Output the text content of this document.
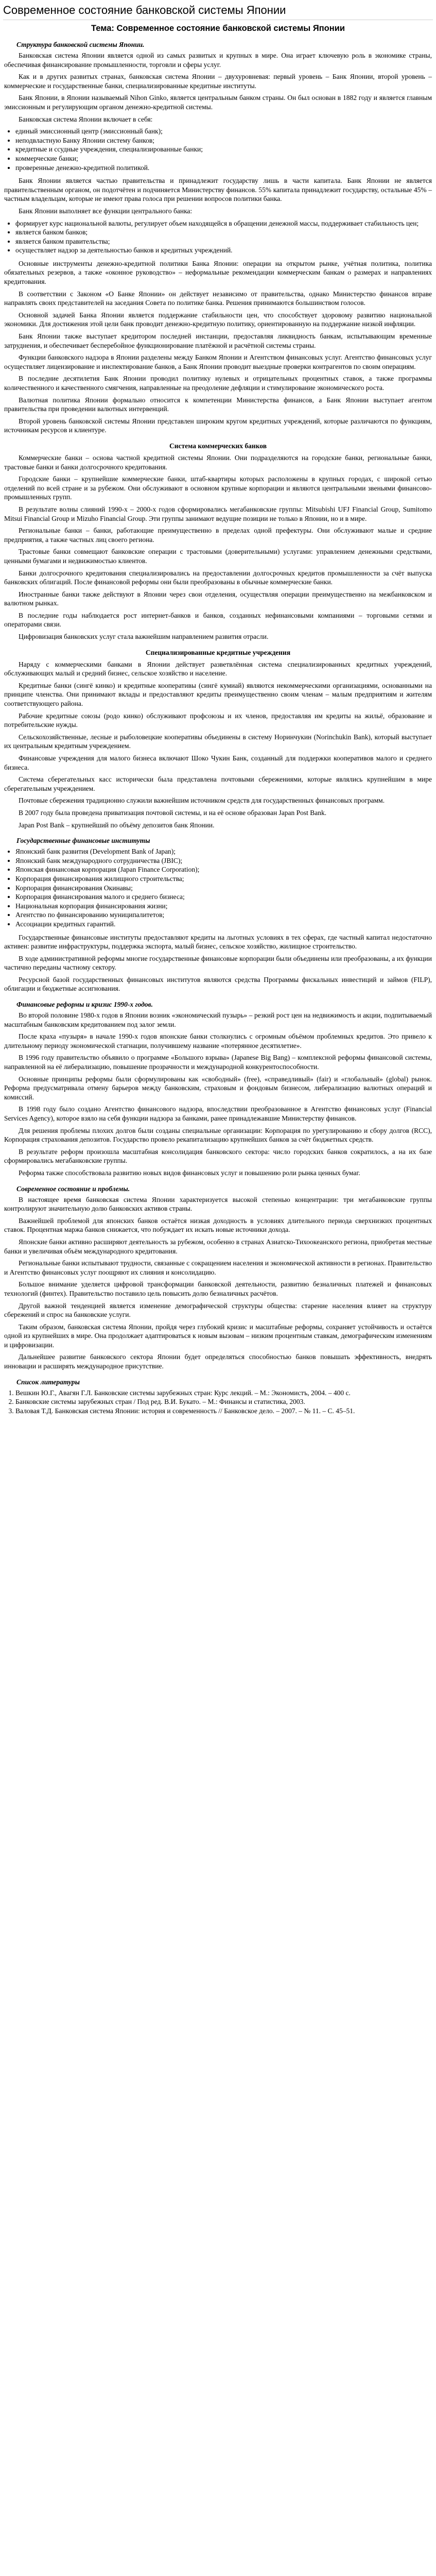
Современное состояние банковской системы Японии
Тема: Современное состояние банковской системы Японии
Структура банковской системы Японии.

Банковская система Японии является одной из самых развитых и крупных в мире. Она играет ключевую роль в экономике страны, обеспечивая финансирование промышленности, торговли и сферы услуг.

Как и в других развитых странах, банковская система Японии – двухуровневая: первый уровень – Банк Японии, второй уровень – коммерческие и государственные банки, специализированные кредитные институты.

Банк Японии, в Японии называемый Nihon Ginko, является центральным банком страны. Он был основан в 1882 году и является главным эмиссионным и регулирующим органом денежно-кредитной системы.

Банковская система Японии включает в себя:

• единый эмиссионный центр (эмиссионный банк);
• неподвластную Банку Японии систему банков;
• кредитные и ссудные учреждения, специализированные банки;
• коммерческие банки;
• проверенные денежно-кредитной политикой.

Банк Японии является частью правительства и принадлежит государству лишь в части капитала. Банк Японии не является правительственным органом, он подотчётен и подчиняется Министерству финансов. 55% капитала принадлежит государству, остальные 45% – частным владельцам, которые не имеют права голоса при решении вопросов политики банка.

Банк Японии выполняет все функции центрального банка:

• формирует курс национальной валюты, регулирует объем находящейся в обращении денежной массы, поддерживает стабильность цен;
• является банком банков;
• является банком правительства;
• осуществляет надзор за деятельностью банков и кредитных учреждений.

Основные инструменты денежно-кредитной политики Банка Японии: операции на открытом рынке, учётная политика, политика обязательных резервов, а также «оконное руководство» – неформальные рекомендации коммерческим банкам о размерах и направлениях кредитования.

В соответствии с Законом «О Банке Японии» он действует независимо от правительства, однако Министерство финансов вправе направлять своих представителей на заседания Совета по политике банка. Решения принимаются большинством голосов.

Основной задачей Банка Японии является поддержание стабильности цен, что способствует здоровому развитию национальной экономики. Для достижения этой цели банк проводит денежно-кредитную политику, ориентированную на поддержание низкой инфляции.

Банк Японии также выступает кредитором последней инстанции, предоставляя ликвидность банкам, испытывающим временные затруднения, и обеспечивает бесперебойное функционирование платёжной и расчётной системы страны.

Функции банковского надзора в Японии разделены между Банком Японии и Агентством финансовых услуг. Агентство финансовых услуг осуществляет лицензирование и инспектирование банков, а Банк Японии проводит выездные проверки контрагентов по своим операциям.

В последние десятилетия Банк Японии проводил политику нулевых и отрицательных процентных ставок, а также программы количественного и качественного смягчения, направленные на преодоление дефляции и стимулирование экономического роста.

Валютная политика Японии формально относится к компетенции Министерства финансов, а Банк Японии выступает агентом правительства при проведении валютных интервенций.

Второй уровень банковской системы Японии представлен широким кругом кредитных учреждений, которые различаются по функциям, источникам ресурсов и клиентуре.

Система коммерческих банков

Коммерческие банки – основа частной кредитной системы Японии. Они подразделяются на городские банки, региональные банки, трастовые банки и банки долгосрочного кредитования.

Городские банки – крупнейшие коммерческие банки, штаб-квартиры которых расположены в крупных городах, с широкой сетью отделений по всей стране и за рубежом. Они обслуживают в основном крупные корпорации и являются центральными звеньями финансово-промышленных групп.

В результате волны слияний 1990-х – 2000-х годов сформировались мегабанковские группы: Mitsubishi UFJ Financial Group, Sumitomo Mitsui Financial Group и Mizuho Financial Group. Эти группы занимают ведущие позиции не только в Японии, но и в мире.

Региональные банки – банки, работающие преимущественно в пределах одной префектуры. Они обслуживают малые и средние предприятия, а также частных лиц своего региона.

Трастовые банки совмещают банковские операции с трастовыми (доверительными) услугами: управлением денежными средствами, ценными бумагами и недвижимостью клиентов.

Банки долгосрочного кредитования специализировались на предоставлении долгосрочных кредитов промышленности за счёт выпуска банковских облигаций. После финансовой реформы они были преобразованы в обычные коммерческие банки.

Иностранные банки также действуют в Японии через свои отделения, осуществляя операции преимущественно на межбанковском и валютном рынках.

В последние годы наблюдается рост интернет-банков и банков, созданных нефинансовыми компаниями – торговыми сетями и операторами связи.

Цифровизация банковских услуг стала важнейшим направлением развития отрасли.

Специализированные кредитные учреждения

Наряду с коммерческими банками в Японии действует разветвлённая система специализированных кредитных учреждений, обслуживающих малый и средний бизнес, сельское хозяйство и население.

Кредитные банки (сингё кинко) и кредитные кооперативы (сингё кумиай) являются некоммерческими организациями, основанными на принципе членства. Они принимают вклады и предоставляют кредиты преимущественно своим членам – малым предприятиям и жителям соответствующего района.

Рабочие кредитные союзы (родо кинко) обслуживают профсоюзы и их членов, предоставляя им кредиты на жильё, образование и потребительские нужды.

Сельскохозяйственные, лесные и рыболовецкие кооперативы объединены в систему Норинчукин (Norinchukin Bank), который выступает их центральным кредитным учреждением.

Финансовые учреждения для малого бизнеса включают Шоко Чукин Банк, созданный для поддержки кооперативов малого и среднего бизнеса.

Система сберегательных касс исторически была представлена почтовыми сбережениями, которые являлись крупнейшим в мире сберегательным учреждением.

Почтовые сбережения традиционно служили важнейшим источником средств для государственных финансовых программ.

В 2007 году была проведена приватизация почтовой системы, и на её основе образован Japan Post Bank.

Japan Post Bank – крупнейший по объёму депозитов банк Японии.

Государственные финансовые институты
• Японский банк развития (Development Bank of Japan);
• Японский банк международного сотрудничества (JBIC);
• Японская финансовая корпорация (Japan Finance Corporation);
• Корпорация финансирования жилищного строительства;
• Корпорация финансирования Окинавы;
• Корпорация финансирования малого и среднего бизнеса;
• Национальная корпорация финансирования жизни;
• Агентство по финансированию муниципалитетов;
• Ассоциации кредитных гарантий.

Государственные финансовые институты предоставляют кредиты на льготных условиях в тех сферах, где частный капитал недостаточно активен: развитие инфраструктуры, поддержка экспорта, малый бизнес, сельское хозяйство, жилищное строительство.

В ходе административной реформы многие государственные финансовые корпорации были объединены или преобразованы, а их функции частично переданы частному сектору.

Ресурсной базой государственных финансовых институтов являются средства Программы фискальных инвестиций и займов (FILP), облигации и бюджетные ассигнования.

Финансовые реформы и кризис 1990-х годов.

Во второй половине 1980-х годов в Японии возник «экономический пузырь» – резкий рост цен на недвижимость и акции, подпитываемый масштабным банковским кредитованием под залог земли.

После краха «пузыря» в начале 1990-х годов японские банки столкнулись с огромным объёмом проблемных кредитов. Это привело к длительному периоду экономической стагнации, получившему название «потерянное десятилетие».

В 1996 году правительство объявило о программе «Большого взрыва» (Japanese Big Bang) – комплексной реформы финансовой системы, направленной на её либерализацию, повышение прозрачности и международной конкурентоспособности.

Основные принципы реформы были сформулированы как «свободный» (free), «справедливый» (fair) и «глобальный» (global) рынок. Реформа предусматривала отмену барьеров между банковским, страховым и фондовым бизнесом, либерализацию валютных операций и комиссий.

В 1998 году было создано Агентство финансового надзора, впоследствии преобразованное в Агентство финансовых услуг (Financial Services Agency), которое взяло на себя функции надзора за банками, ранее принадлежавшие Министерству финансов.

Для решения проблемы плохих долгов были созданы специальные организации: Корпорация по урегулированию и сбору долгов (RCC), Корпорация страхования депозитов. Государство провело рекапитализацию крупнейших банков за счёт бюджетных средств.

В результате реформ произошла масштабная консолидация банковского сектора: число городских банков сократилось, а на их базе сформировались мегабанковские группы.

Реформа также способствовала развитию новых видов финансовых услуг и повышению роли рынка ценных бумаг.

Современное состояние и проблемы.

В настоящее время банковская система Японии характеризуется высокой степенью концентрации: три мегабанковские группы контролируют значительную долю банковских активов страны.

Важнейшей проблемой для японских банков остаётся низкая доходность в условиях длительного периода сверхнизких процентных ставок. Процентная маржа банков снижается, что побуждает их искать новые источники дохода.

Японские банки активно расширяют деятельность за рубежом, особенно в странах Азиатско-Тихоокеанского региона, приобретая местные банки и увеличивая объём международного кредитования.

Региональные банки испытывают трудности, связанные с сокращением населения и экономической активности в регионах. Правительство и Агентство финансовых услуг поощряют их слияния и консолидацию.

Большое внимание уделяется цифровой трансформации банковской деятельности, развитию безналичных платежей и финансовых технологий (финтех). Правительство поставило цель повысить долю безналичных расчётов.

Другой важной тенденцией является изменение демографической структуры общества: старение населения влияет на структуру сбережений и спрос на банковские услуги.

Таким образом, банковская система Японии, пройдя через глубокий кризис и масштабные реформы, сохраняет устойчивость и остаётся одной из крупнейших в мире. Она продолжает адаптироваться к новым вызовам – низким процентным ставкам, демографическим изменениям и цифровизации.

Дальнейшее развитие банковского сектора Японии будет определяться способностью банков повышать эффективность, внедрять инновации и расширять международное присутствие.

Список литературы
1. Вешкин Ю.Г., Авагян Г.Л. Банковские системы зарубежных стран: Курс лекций. – М.: Экономистъ, 2004. – 400 с.
2. Банковские системы зарубежных стран / Под ред. В.И. Букато. – М.: Финансы и статистика, 2003.
3. Валовая Т.Д. Банковская система Японии: история и современность // Банковское дело. – 2007. – № 11. – С. 45–51.
